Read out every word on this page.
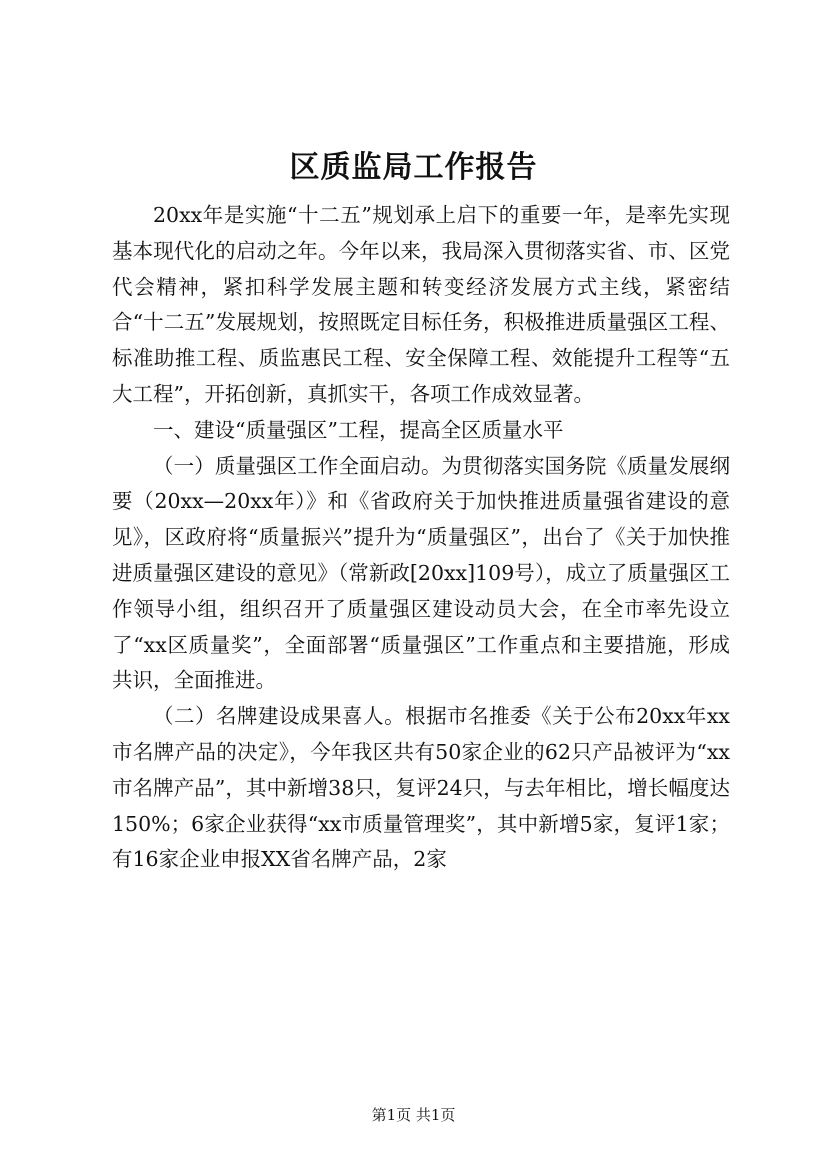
区质监局工作报告

20xx年是实施“十二五”规划承上启下的重要一年，是率先实现基本现代化的启动之年。今年以来，我局深入贯彻落实省、市、区党代会精神，紧扣科学发展主题和转变经济发展方式主线，紧密结合“十二五”发展规划，按照既定目标任务，积极推进质量强区工程、标准助推工程、质监惠民工程、安全保障工程、效能提升工程等“五大工程”，开拓创新，真抓实干，各项工作成效显著。

一、建设“质量强区”工程，提高全区质量水平

（一）质量强区工作全面启动。为贯彻落实国务院《质量发展纲要（20xx—20xx年）》和《省政府关于加快推进质量强省建设的意见》，区政府将“质量振兴”提升为“质量强区”，出台了《关于加快推进质量强区建设的意见》（常新政[20xx]109号），成立了质量强区工作领导小组，组织召开了质量强区建设动员大会，在全市率先设立了“xx区质量奖”，全面部署“质量强区”工作重点和主要措施，形成共识，全面推进。

（二）名牌建设成果喜人。根据市名推委《关于公布20xx年xx市名牌产品的决定》，今年我区共有50家企业的62只产品被评为“xx市名牌产品”，其中新增38只，复评24只，与去年相比，增长幅度达150%；6家企业获得“xx市质量管理奖”，其中新增5家，复评1家；有16家企业申报XX省名牌产品，2家

第1页 共1页
